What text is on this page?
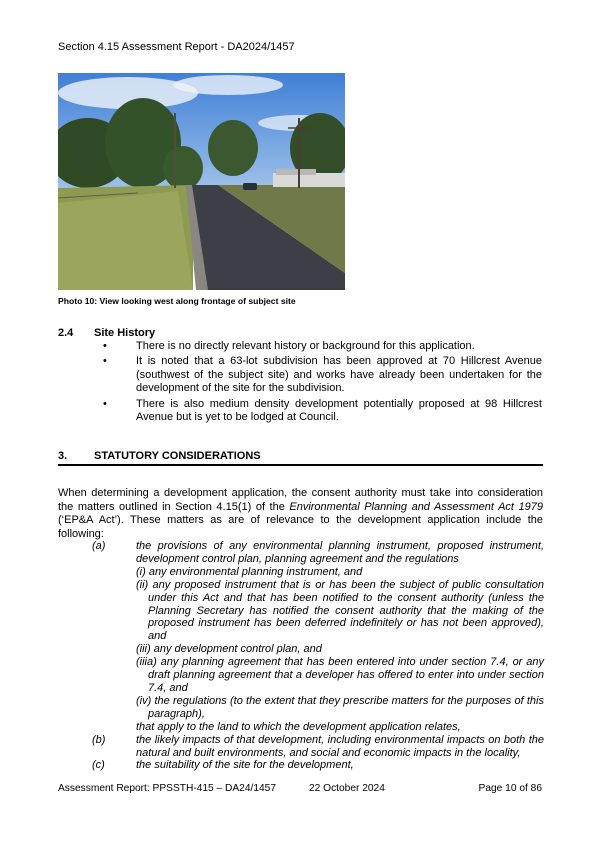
Section 4.15 Assessment Report - DA2024/1457
Photo 10: View looking west along frontage of subject site
2.4 Site History
•	There is no directly relevant history or background for this application.
•	It is noted that a 63-lot subdivision has been approved at 70 Hillcrest Avenue (southwest of the subject site) and works have already been undertaken for the development of the site for the subdivision.
•	There is also medium density development potentially proposed at 98 Hillcrest Avenue but is yet to be lodged at Council.
3. STATUTORY CONSIDERATIONS
When determining a development application, the consent authority must take into consideration the matters outlined in Section 4.15(1) of the Environmental Planning and Assessment Act 1979 (‘EP&A Act’). These matters as are of relevance to the development application include the following:
(a)	the provisions of any environmental planning instrument, proposed instrument, development control plan, planning agreement and the regulations
(i) any environmental planning instrument, and
(ii) any proposed instrument that is or has been the subject of public consultation under this Act and that has been notified to the consent authority (unless the Planning Secretary has notified the consent authority that the making of the proposed instrument has been deferred indefinitely or has not been approved), and
(iii) any development control plan, and
(iiia) any planning agreement that has been entered into under section 7.4, or any draft planning agreement that a developer has offered to enter into under section 7.4, and
(iv) the regulations (to the extent that they prescribe matters for the purposes of this paragraph),
that apply to the land to which the development application relates,
(b)	the likely impacts of that development, including environmental impacts on both the natural and built environments, and social and economic impacts in the locality,
(c)	the suitability of the site for the development,
Assessment Report: PPSSTH-415 – DA24/1457	22 October 2024	Page 10 of 86
